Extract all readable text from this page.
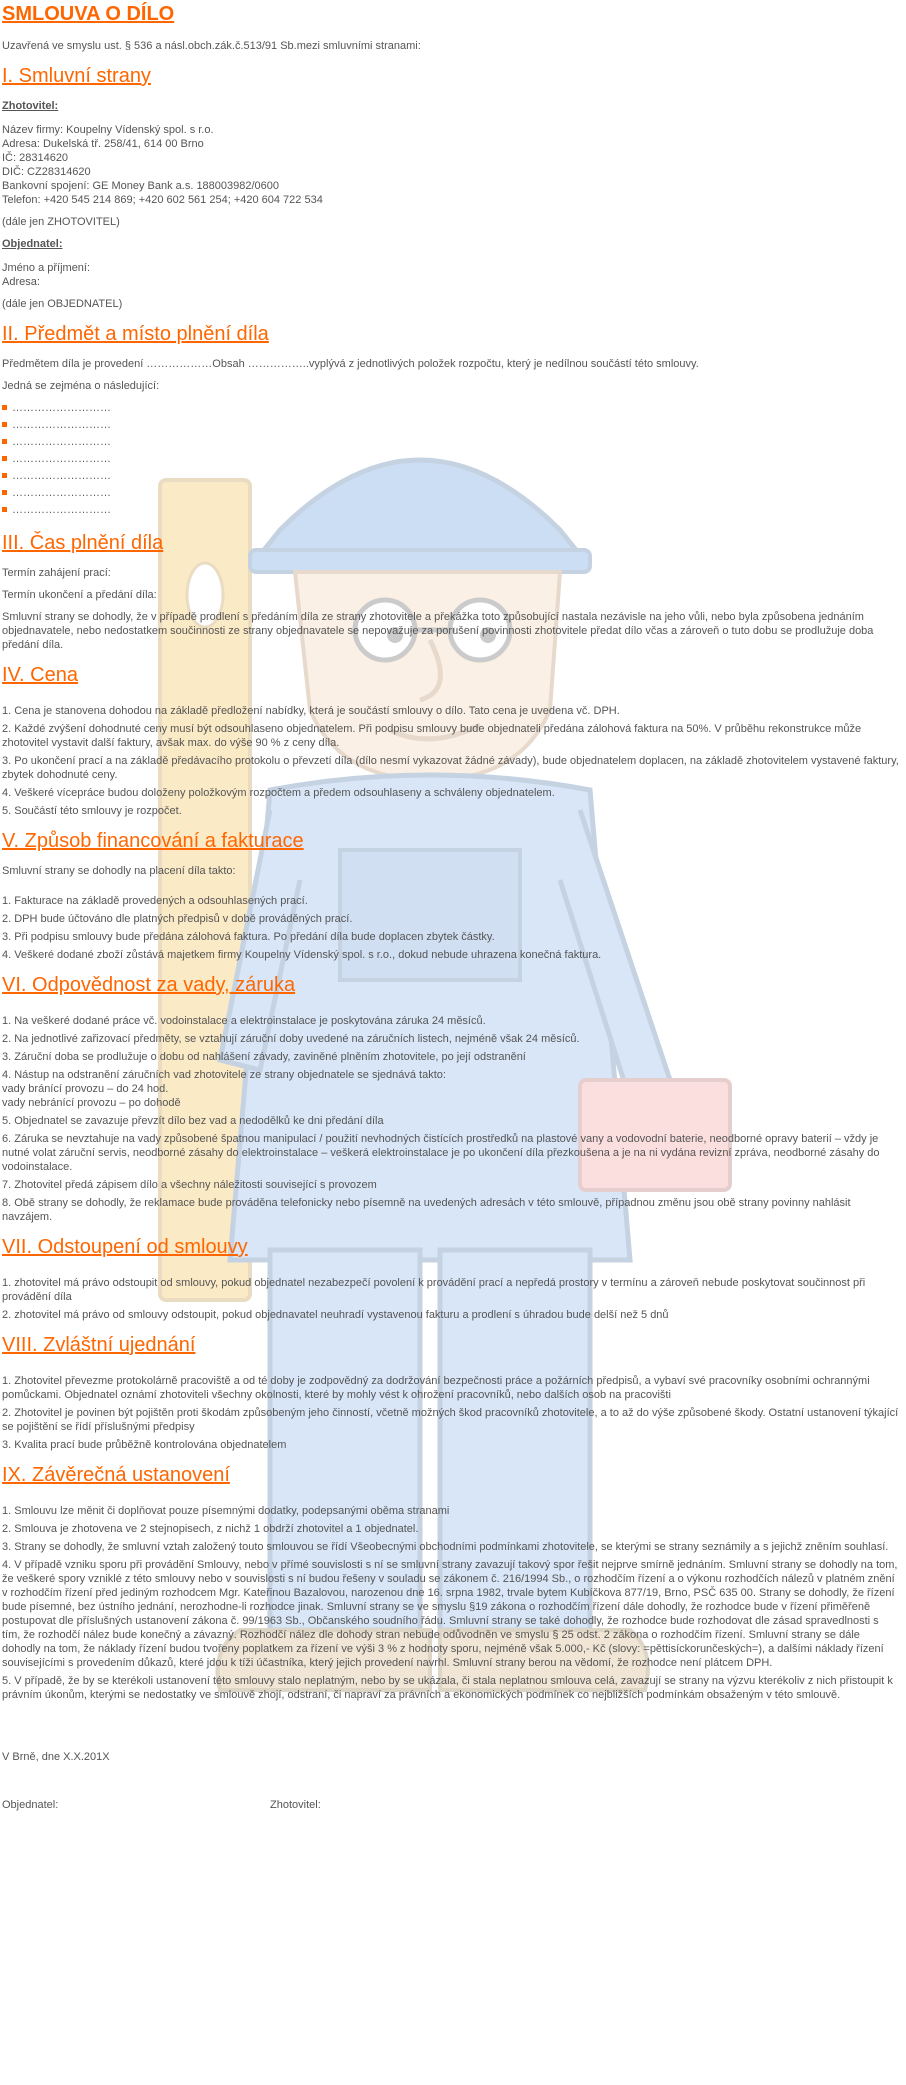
SMLOUVA O DÍLO

Uzavřená ve smyslu ust. § 536 a násl.obch.zák.č.513/91 Sb.mezi smluvními stranami:

I. Smluvní strany

Zhotovitel:

Název firmy: Koupelny Vídenský spol. s r.o.
Adresa: Dukelská tř. 258/41, 614 00 Brno
IČ: 28314620
DIČ: CZ28314620
Bankovní spojení: GE Money Bank a.s. 188003982/0600
Telefon: +420 545 214 869; +420 602 561 254; +420 604 722 534

(dále jen ZHOTOVITEL)

Objednatel:

Jméno a příjmení:
Adresa:

(dále jen OBJEDNATEL)

II. Předmět a místo plnění díla

Předmětem díla je provedení ………………Obsah ……………..vyplývá z jednotlivých položek rozpočtu, který je nedílnou součástí této smlouvy.

Jedná se zejména o následující:

………………………
………………………
………………………
………………………
………………………
………………………
………………………
III. Čas plnění díla

Termín zahájení prací:

Termín ukončení a předání díla:

Smluvní strany se dohodly, že v případě prodlení s předáním díla ze strany zhotovitele a překážka toto způsobující nastala nezávisle na jeho vůli, nebo byla způsobena jednáním objednavatele, nebo nedostatkem součinnosti ze strany objednavatele se nepovažuje za porušení povinnosti zhotovitele předat dílo včas a zároveň o tuto dobu se prodlužuje doba předání díla.

IV. Cena
1. Cena je stanovena dohodou na základě předložení nabídky, která je součástí smlouvy o dílo. Tato cena je uvedena vč. DPH.
2. Každé zvýšení dohodnuté ceny musí být odsouhlaseno objednatelem. Při podpisu smlouvy bude objednateli předána zálohová faktura na 50%. V průběhu rekonstrukce může zhotovitel vystavit další faktury, avšak max. do výše 90 % z ceny díla.
3. Po ukončení prací a na základě předávacího protokolu o převzetí díla (dílo nesmí vykazovat žádné závady), bude objednatelem doplacen, na základě zhotovitelem vystavené faktury, zbytek dohodnuté ceny.
4. Veškeré vícepráce budou doloženy položkovým rozpočtem a předem odsouhlaseny a schváleny objednatelem.
5. Součástí této smlouvy je rozpočet.
V. Způsob financování a fakturace

Smluvní strany se dohodly na placení díla takto:

1. Fakturace na základě provedených a odsouhlasených prací.
2. DPH bude účtováno dle platných předpisů v době prováděných prací.
3. Při podpisu smlouvy bude předána zálohová faktura. Po předání díla bude doplacen zbytek částky.
4. Veškeré dodané zboží zůstává majetkem firmy Koupelny Vídenský spol. s r.o., dokud nebude uhrazena konečná faktura.
VI. Odpovědnost za vady, záruka
1. Na veškeré dodané práce vč. vodoinstalace a elektroinstalace je poskytována záruka 24 měsíců.
2. Na jednotlivé zařizovací předměty, se vztahují záruční doby uvedené na záručních listech, nejméně však 24 měsíců.
3. Záruční doba se prodlužuje o dobu od nahlášení závady, zaviněné plněním zhotovitele, po její odstranění
4. Nástup na odstranění záručních vad zhotovitele ze strany objednatele se sjednává takto:
vady bránící provozu – do 24 hod.
vady nebránící provozu – po dohodě
5. Objednatel se zavazuje převzít dílo bez vad a nedodělků ke dni předání díla
6. Záruka se nevztahuje na vady způsobené špatnou manipulací / použití nevhodných čistících prostředků na plastové vany a vodovodní baterie, neodborné opravy baterií – vždy je nutné volat záruční servis, neodborné zásahy do elektroinstalace – veškerá elektroinstalace je po ukončení díla přezkoušena a je na ni vydána revizní zpráva, neodborné zásahy do vodoinstalace.
7. Zhotovitel předá zápisem dílo a všechny náležitosti související s provozem
8. Obě strany se dohodly, že reklamace bude prováděna telefonicky nebo písemně na uvedených adresách v této smlouvě, případnou změnu jsou obě strany povinny nahlásit navzájem.
VII. Odstoupení od smlouvy
1. zhotovitel má právo odstoupit od smlouvy, pokud objednatel nezabezpečí povolení k provádění prací a nepředá prostory v termínu a zároveň nebude poskytovat součinnost při provádění díla
2. zhotovitel má právo od smlouvy odstoupit, pokud objednavatel neuhradí vystavenou fakturu a prodlení s úhradou bude delší než 5 dnů
VIII. Zvláštní ujednání
1. Zhotovitel převezme protokolárně pracoviště a od té doby je zodpovědný za dodržování bezpečnosti práce a požárních předpisů, a vybaví své pracovníky osobními ochrannými pomůckami. Objednatel oznámí zhotoviteli všechny okolnosti, které by mohly vést k ohrožení pracovníků, nebo dalších osob na pracovišti
2. Zhotovitel je povinen být pojištěn proti škodám způsobeným jeho činností, včetně možných škod pracovníků zhotovitele, a to až do výše způsobené škody. Ostatní ustanovení týkající se pojištění se řídí příslušnými předpisy
3. Kvalita prací bude průběžně kontrolována objednatelem
IX. Závěrečná ustanovení
1. Smlouvu lze měnit či doplňovat pouze písemnými dodatky, podepsanými oběma stranami
2. Smlouva je zhotovena ve 2 stejnopisech, z nichž 1 obdrží zhotovitel a 1 objednatel.
3. Strany se dohodly, že smluvní vztah založený touto smlouvou se řídí Všeobecnými obchodními podmínkami zhotovitele, se kterými se strany seznámily a s jejichž zněním souhlasí.
4. V případě vzniku sporu při provádění Smlouvy, nebo v přímé souvislosti s ní se smluvní strany zavazují takový spor řešit nejprve smírně jednáním. Smluvní strany se dohodly na tom, že veškeré spory vzniklé z této smlouvy nebo v souvislosti s ní budou řešeny v souladu se zákonem č. 216/1994 Sb., o rozhodčím řízení a o výkonu rozhodčích nálezů v platném znění v rozhodčím řízení před jediným rozhodcem Mgr. Kateřinou Bazalovou, narozenou dne 16. srpna 1982, trvale bytem Kubíčkova 877/19, Brno, PSČ 635 00. Strany se dohodly, že řízení bude písemné, bez ústního jednání, nerozhodne-li rozhodce jinak. Smluvní strany se ve smyslu §19 zákona o rozhodčím řízení dále dohodly, že rozhodce bude v řízení přiměřeně postupovat dle příslušných ustanovení zákona č. 99/1963 Sb., Občanského soudního řádu. Smluvní strany se také dohodly, že rozhodce bude rozhodovat dle zásad spravedlnosti s tím, že rozhodčí nález bude konečný a závazný. Rozhodčí nález dle dohody stran nebude odůvodněn ve smyslu § 25 odst. 2 zákona o rozhodčím řízení. Smluvní strany se dále dohodly na tom, že náklady řízení budou tvořeny poplatkem za řízení ve výši 3 % z hodnoty sporu, nejméně však 5.000,- Kč (slovy: =pěttisíckorunčeských=), a dalšími náklady řízení souvisejícími s provedením důkazů, které jdou k tíži účastníka, který jejich provedení navrhl. Smluvní strany berou na vědomí, že rozhodce není plátcem DPH.
5. V případě, že by se kterékoli ustanovení této smlouvy stalo neplatným, nebo by se ukázala, či stala neplatnou smlouva celá, zavazují se strany na výzvu kterékoliv z nich přistoupit k právním úkonům, kterými se nedostatky ve smlouvě zhojí, odstraní, či napraví za právních a ekonomických podmínek co nejbližších podmínkám obsaženým v této smlouvě.

V Brně, dne X.X.201X

Objednatel:	Zhotovitel:
